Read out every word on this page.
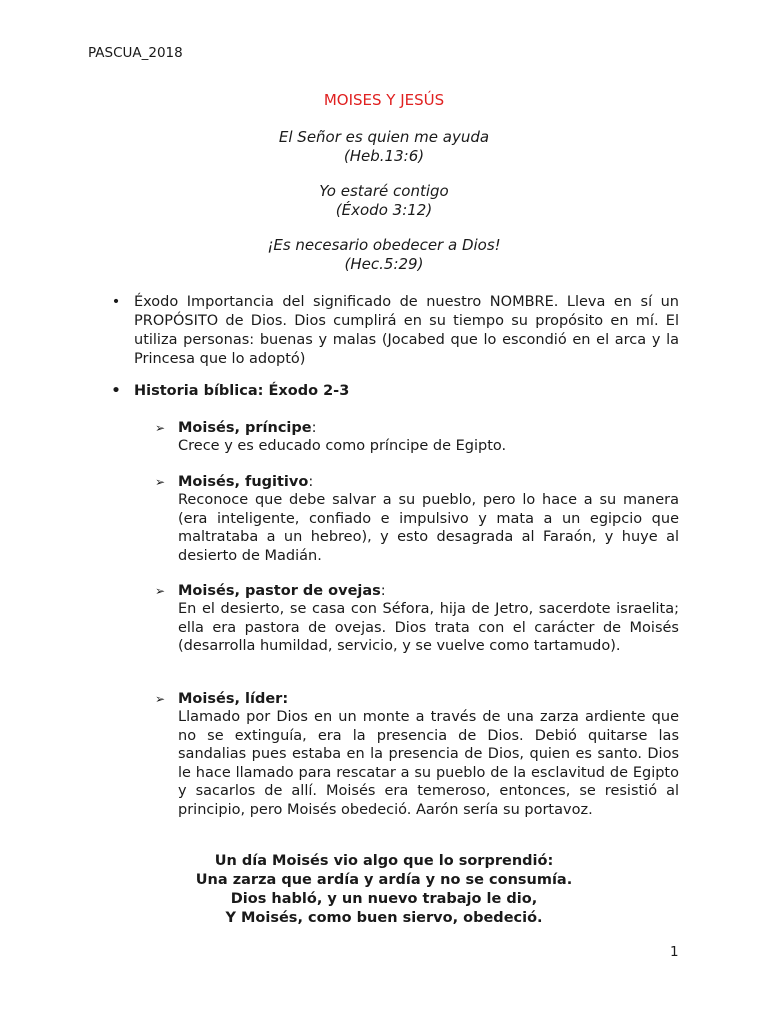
PASCUA_2018
MOISES Y JESÚS
El Señor es quien me ayuda
(Heb.13:6)
Yo estaré contigo
(Éxodo 3:12)
¡Es necesario obedecer a Dios!
(Hec.5:29)
• Éxodo Importancia del significado de nuestro NOMBRE. Lleva en sí un PROPÓSITO de Dios. Dios cumplirá en su tiempo su propósito en mí. El utiliza personas: buenas y malas (Jocabed que lo escondió en el arca y la Princesa que lo adoptó)
• Historia bíblica: Éxodo 2-3
➢ Moisés, príncipe:
Crece y es educado como príncipe de Egipto.
➢ Moisés, fugitivo:
Reconoce que debe salvar a su pueblo, pero lo hace a su manera (era inteligente, confiado e impulsivo y mata a un egipcio que maltrataba a un hebreo), y esto desagrada al Faraón, y huye al desierto de Madián.
➢ Moisés, pastor de ovejas:
En el desierto, se casa con Séfora, hija de Jetro, sacerdote israelita; ella era pastora de ovejas. Dios trata con el carácter de Moisés (desarrolla humildad, servicio, y se vuelve como tartamudo).
➢ Moisés, líder:
Llamado por Dios en un monte a través de una zarza ardiente que no se extinguía, era la presencia de Dios. Debió quitarse las sandalias pues estaba en la presencia de Dios, quien es santo. Dios le hace llamado para rescatar a su pueblo de la esclavitud de Egipto y sacarlos de allí. Moisés era temeroso, entonces, se resistió al principio, pero Moisés obedeció. Aarón sería su portavoz.
Un día Moisés vio algo que lo sorprendió:
Una zarza que ardía y ardía y no se consumía.
Dios habló, y un nuevo trabajo le dio,
Y Moisés, como buen siervo, obedeció.
1
